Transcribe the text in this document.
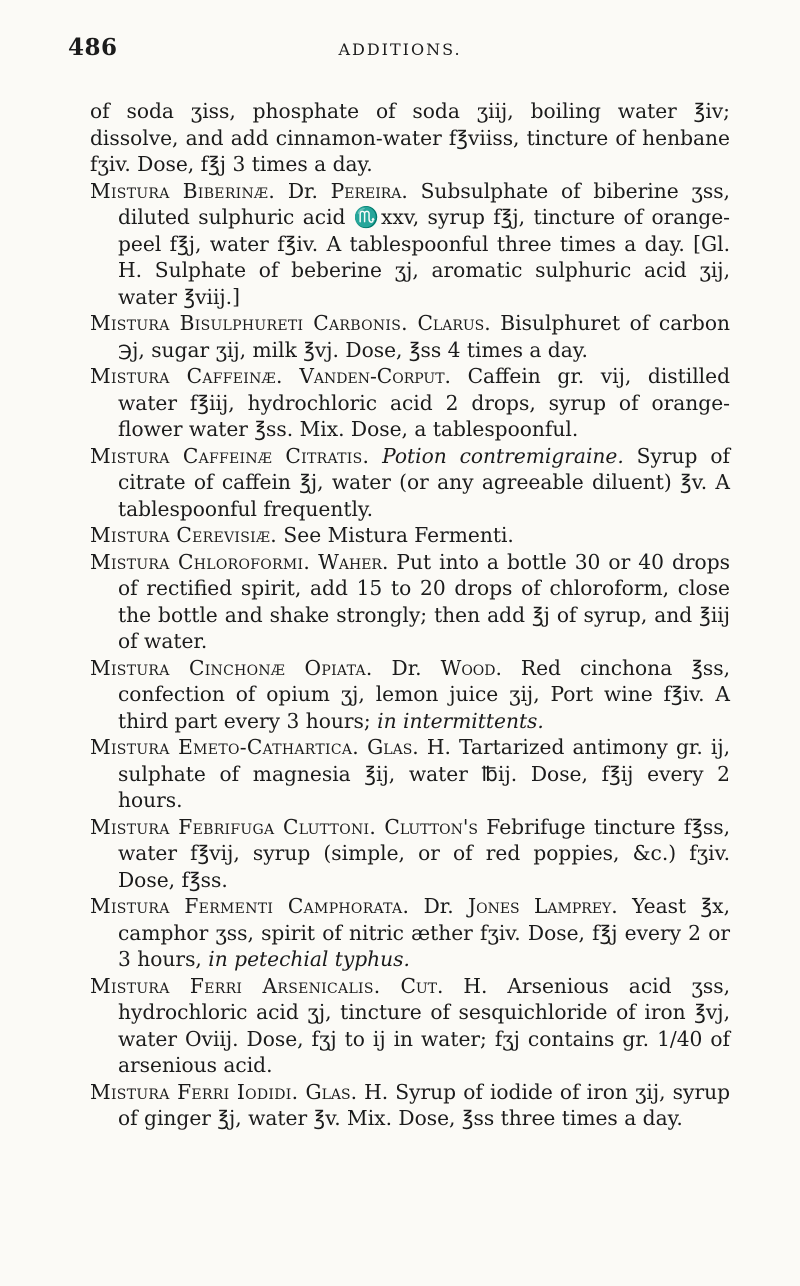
486	ADDITIONS.

of soda ʒiss, phosphate of soda ʒiij, boiling water ℥iv; dissolve, and add cinnamon-water f℥viiss, tincture of henbane fʒiv. Dose, f℥j 3 times a day.

Mistura Biberinæ. Dr. Pereira. Subsulphate of biberine ʒss, diluted sulphuric acid ♏xxv, syrup f℥j, tincture of orange-peel f℥j, water f℥iv. A tablespoonful three times a day. [Gl. H. Sulphate of beberine ʒj, aromatic sulphuric acid ʒij, water ℥viij.]

Mistura Bisulphureti Carbonis. Clarus. Bisulphuret of carbon ℈j, sugar ʒij, milk ℥vj. Dose, ℥ss 4 times a day.

Mistura Caffeinæ. Vanden-Corput. Caffein gr. vij, distilled water f℥iij, hydrochloric acid 2 drops, syrup of orange-flower water ℥ss. Mix. Dose, a tablespoonful.

Mistura Caffeinæ Citratis. Potion contremigraine. Syrup of citrate of caffein ℥j, water (or any agreeable diluent) ℥v. A tablespoonful frequently.

Mistura Cerevisiæ. See Mistura Fermenti.

Mistura Chloroformi. Waher. Put into a bottle 30 or 40 drops of rectified spirit, add 15 to 20 drops of chloroform, close the bottle and shake strongly; then add ℥j of syrup, and ℥iij of water.

Mistura Cinchonæ Opiata. Dr. Wood. Red cinchona ℥ss, confection of opium ʒj, lemon juice ʒij, Port wine f℥iv. A third part every 3 hours; in intermittents.

Mistura Emeto-Cathartica. Glas. H. Tartarized antimony gr. ij, sulphate of magnesia ℥ij, water ℔ij. Dose, f℥ij every 2 hours.

Mistura Febrifuga Cluttoni. Clutton's Febrifuge tincture f℥ss, water f℥vij, syrup (simple, or of red poppies, &c.) fʒiv. Dose, f℥ss.

Mistura Fermenti Camphorata. Dr. Jones Lamprey. Yeast ℥x, camphor ʒss, spirit of nitric æther fʒiv. Dose, f℥j every 2 or 3 hours, in petechial typhus.

Mistura Ferri Arsenicalis. Cut. H. Arsenious acid ʒss, hydrochloric acid ʒj, tincture of sesquichloride of iron ℥vj, water Oviij. Dose, fʒj to ij in water; fʒj contains gr. 1/40 of arsenious acid.

Mistura Ferri Iodidi. Glas. H. Syrup of iodide of iron ʒij, syrup of ginger ℥j, water ℥v. Mix. Dose, ℥ss three times a day.
